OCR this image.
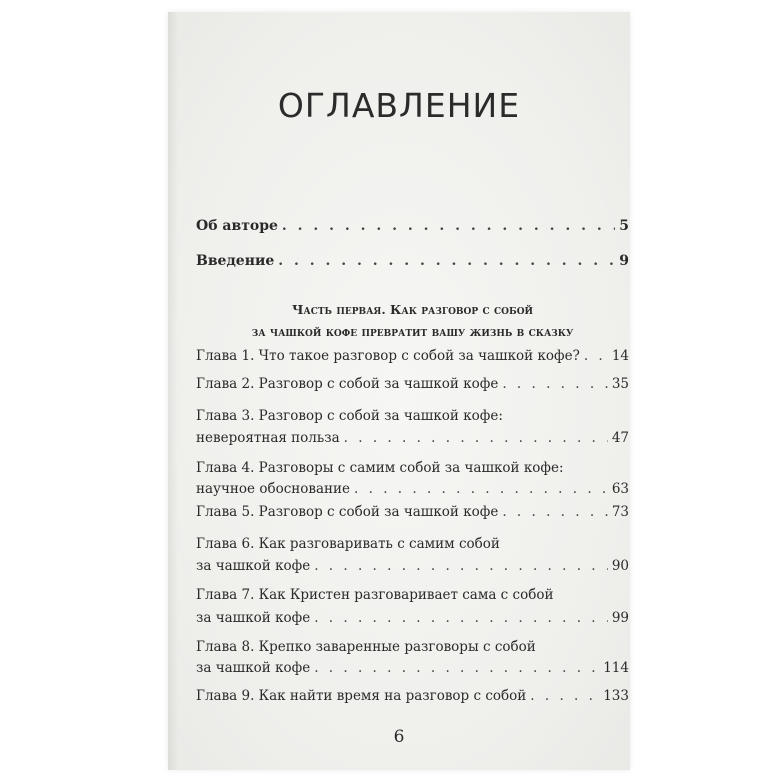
ОГЛАВЛЕНИЕ
Об авторе . . .	5
Введение . . .	9
Часть первая. Как разговор с собой
за чашкой кофе превратит вашу жизнь в сказку
Глава 1. Что такое разговор с собой за чашкой кофе? . . . 14
Глава 2. Разговор с собой за чашкой кофе . . .	35
Глава 3. Разговор с собой за чашкой кофе:
невероятная польза . . .	47
Глава 4. Разговоры с самим собой за чашкой кофе:
научное обоснование . . .	63
Глава 5. Разговор с собой за чашкой кофе . . .	73
Глава 6. Как разговаривать с самим собой
за чашкой кофе . . .	90
Глава 7. Как Кристен разговаривает сама с собой
за чашкой кофе . . .	99
Глава 8. Крепко заваренные разговоры с собой
за чашкой кофе . . .	114
Глава 9. Как найти время на разговор с собой . . .	133
6
